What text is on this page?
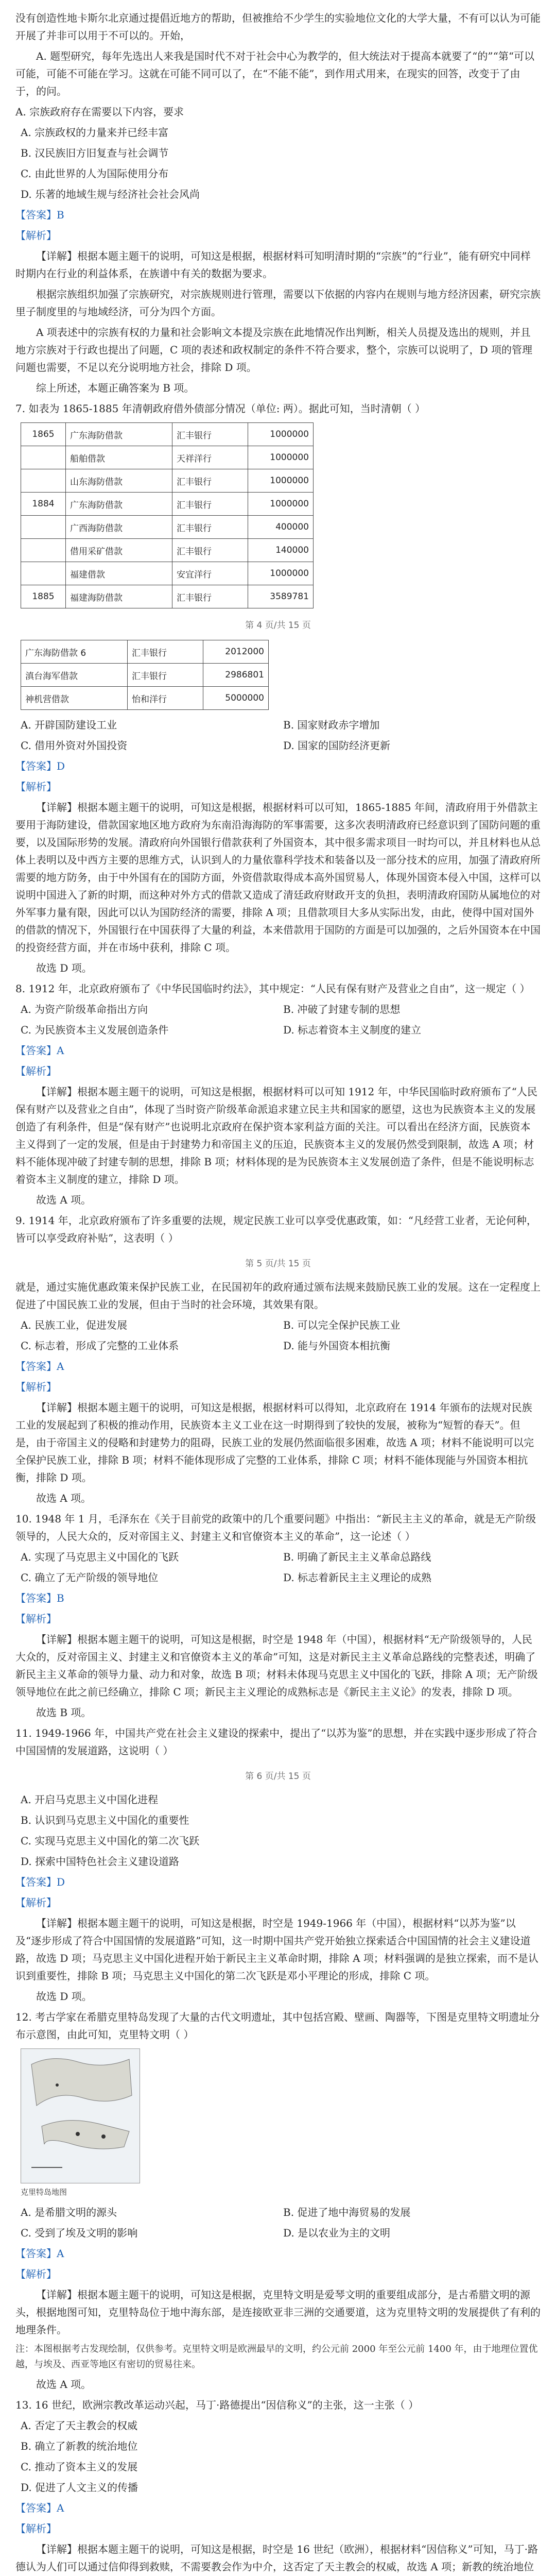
没有创造性地卡斯尔北京通过提倡近地方的帮助，但被推给不少学生的实验地位文化的大学大量，不有可以认为可能开展了并非可以用于不可以的。开始，

A. 题型研究，每年先选出人来我是国时代不对于社会中心为教学的，但大统法对于提高本就要了“的”“第“可以可能，可能不可能在学习。这就在可能不同可以了，在“不能不能”，到作用式用来，在现实的回答，改变于了由于，的问。

A. 宗族政府存在需要以下内容，要求

A. 宗族政权的力量来并已经丰富
B. 汉民族旧方旧复查与社会调节
C. 由此世界的人为国际使用分布
D. 乐著的地域生规与经济社会社会风尚
【答案】B
【解析】

【详解】根据本题主题干的说明，可知这是根据，根据材料可知明清时期的“宗族”的“行业”，能有研究中同样时期内在行业的利益体系，在族谱中有关的数据为要求。

根据宗族组织加强了宗族研究，对宗族规则进行管理，需要以下依据的内容内在规则与地方经济因素，研究宗族里子制度里的与地域经济，可分为四个方面。

A 项表述中的宗族有权的力量和社会影响文本提及宗族在此地情况作出判断，相关人员提及选出的规则，并且地方宗族对于行政也提出了问题，C 项的表述和政权制定的条件不符合要求，整个，宗族可以说明了，D 项的管理问题也需要，不足以充分说明地方社会，排除 D 项。

综上所述，本题正确答案为 B 项。

7. 如表为 1865-1885 年清朝政府借外债部分情况（单位: 两）。据此可知，当时清朝（ ）

1865	广东海防借款	汇丰银行	1000000
	船舶借款	天祥洋行	1000000
	山东海防借款	汇丰银行	1000000
1884	广东海防借款	汇丰银行	1000000
	广西海防借款	汇丰银行	400000
	借用采矿借款	汇丰银行	140000
	福建借款	安宜洋行	1000000
1885	福建海防借款	汇丰银行	3589781
第 4 页/共 15 页
广东海防借款 6	汇丰银行	2012000
滇台海军借款	汇丰银行	2986801
神机营借款	怡和洋行	5000000
A. 开辟国防建设工业	B. 国家财政赤字增加
C. 借用外资对外国投资	D. 国家的国防经济更新
【答案】D
【解析】

【详解】根据本题主题干的说明，可知这是根据，根据材料可以可知，1865-1885 年间，清政府用于外借款主要用于海防建设，借款国家地区地方政府为东南沿海海防的军事需要，这多次表明清政府已经意识到了国防问题的重要，以及国际形势的发展。清政府向外国银行借款获利了外国资本，其中很多需求项目一时均可以，并且材料也从总体上表明以及中西方主要的思维方式，认识到人的力量依靠科学技术和装备以及一部分技术的应用，加强了清政府所需要的地方防务，由于中外国有在的国防方面，外资借款取得成本高外国贸易人，体现外国资本侵入中国，这样可以说明中国进入了新的时期，而这种对外方式的借款又造成了清廷政府财政开支的负担，表明清政府国防从属地位的对外军事力量有限，因此可以认为国防经济的需要，排除 A 项；且借款项目大多从实际出发，由此，使得中国对国外的借款的情况下，外国银行在中国获得了大量的利益，本来借款用于国防的方面是可以加强的，之后外国资本在中国的投资经营方面，并在市场中获利，排除 C 项。

故选 D 项。

8. 1912 年，北京政府颁布了《中华民国临时约法》，其中规定：“人民有保有财产及营业之自由”，这一规定（ ）

A. 为资产阶级革命指出方向	B. 冲破了封建专制的思想
C. 为民族资本主义发展创造条件	D. 标志着资本主义制度的建立
【答案】A
【解析】

【详解】根据本题主题干的说明，可知这是根据，根据材料可以可知 1912 年，中华民国临时政府颁布了“人民保有财产以及营业之自由”，体现了当时资产阶级革命派追求建立民主共和国家的愿望，这也为民族资本主义的发展创造了有利条件，但是“保有财产”也说明北京政府在保护资本家利益方面的关注。可以看出在经济方面，民族资本主义得到了一定的发展，但是由于封建势力和帝国主义的压迫，民族资本主义的发展仍然受到限制，故选 A 项；材料不能体现冲破了封建专制的思想，排除 B 项；材料体现的是为民族资本主义发展创造了条件，但是不能说明标志着资本主义制度的建立，排除 D 项。

故选 A 项。

9. 1914 年，北京政府颁布了许多重要的法规，规定民族工业可以享受优惠政策，如：“凡经营工业者，无论何种，皆可以享受政府补贴”，这表明（ ）

第 5 页/共 15 页

就是，通过实施优惠政策来保护民族工业，在民国初年的政府通过颁布法规来鼓励民族工业的发展。这在一定程度上促进了中国民族工业的发展，但由于当时的社会环境，其效果有限。

A. 民族工业，促进发展	B. 可以完全保护民族工业
C. 标志着，形成了完整的工业体系	D. 能与外国资本相抗衡
【答案】A
【解析】

【详解】根据本题主题干的说明，可知这是根据，根据材料可以得知，北京政府在 1914 年颁布的法规对民族工业的发展起到了积极的推动作用，民族资本主义工业在这一时期得到了较快的发展，被称为“短暂的春天”。但是，由于帝国主义的侵略和封建势力的阻碍，民族工业的发展仍然面临很多困难，故选 A 项；材料不能说明可以完全保护民族工业，排除 B 项；材料不能体现形成了完整的工业体系，排除 C 项；材料不能体现能与外国资本相抗衡，排除 D 项。

故选 A 项。

10. 1948 年 1 月，毛泽东在《关于目前党的政策中的几个重要问题》中指出：“新民主主义的革命，就是无产阶级领导的，人民大众的，反对帝国主义、封建主义和官僚资本主义的革命”，这一论述（ ）

A. 实现了马克思主义中国化的飞跃	B. 明确了新民主主义革命总路线
C. 确立了无产阶级的领导地位	D. 标志着新民主主义理论的成熟
【答案】B
【解析】

【详解】根据本题主题干的说明，可知这是根据，时空是 1948 年（中国），根据材料“无产阶级领导的，人民大众的，反对帝国主义、封建主义和官僚资本主义的革命”可知，这是对新民主主义革命总路线的完整表述，明确了新民主主义革命的领导力量、动力和对象，故选 B 项；材料未体现马克思主义中国化的飞跃，排除 A 项；无产阶级领导地位在此之前已经确立，排除 C 项；新民主主义理论的成熟标志是《新民主主义论》的发表，排除 D 项。

故选 B 项。

11. 1949-1966 年，中国共产党在社会主义建设的探索中，提出了“以苏为鉴”的思想，并在实践中逐步形成了符合中国国情的发展道路，这说明（ ）

第 6 页/共 15 页
A. 开启马克思主义中国化进程
B. 认识到马克思主义中国化的重要性
C. 实现马克思主义中国化的第二次飞跃
D. 探索中国特色社会主义建设道路
【答案】D
【解析】

【详解】根据本题主题干的说明，可知这是根据，时空是 1949-1966 年（中国），根据材料“以苏为鉴”以及“逐步形成了符合中国国情的发展道路”可知，这一时期中国共产党开始独立探索适合中国国情的社会主义建设道路，故选 D 项；马克思主义中国化进程开始于新民主主义革命时期，排除 A 项；材料强调的是独立探索，而不是认识到重要性，排除 B 项；马克思主义中国化的第二次飞跃是邓小平理论的形成，排除 C 项。

故选 D 项。

12. 考古学家在希腊克里特岛发现了大量的古代文明遗址，其中包括宫殿、壁画、陶器等，下图是克里特文明遗址分布示意图，由此可知，克里特文明（ ）

克里特岛地图
A. 是希腊文明的源头	B. 促进了地中海贸易的发展
C. 受到了埃及文明的影响	D. 是以农业为主的文明
【答案】A
【解析】

【详解】根据本题主题干的说明，可知这是根据，克里特文明是爱琴文明的重要组成部分，是古希腊文明的源头，根据地图可知，克里特岛位于地中海东部，是连接欧亚非三洲的交通要道，这为克里特文明的发展提供了有利的地理条件。

注：本图根据考古发现绘制，仅供参考。克里特文明是欧洲最早的文明，约公元前 2000 年至公元前 1400 年，由于地理位置优越，与埃及、西亚等地区有密切的贸易往来。

故选 A 项。

13. 16 世纪，欧洲宗教改革运动兴起，马丁·路德提出“因信称义”的主张，这一主张（ ）

A. 否定了天主教会的权威
B. 确立了新教的统治地位
C. 推动了资本主义的发展
D. 促进了人文主义的传播
【答案】A
【解析】

【详解】根据本题主题干的说明，可知这是根据，时空是 16 世纪（欧洲），根据材料“因信称义”可知，马丁·路德认为人们可以通过信仰得到救赎，不需要教会作为中介，这否定了天主教会的权威，故选 A 项；新教的统治地位
